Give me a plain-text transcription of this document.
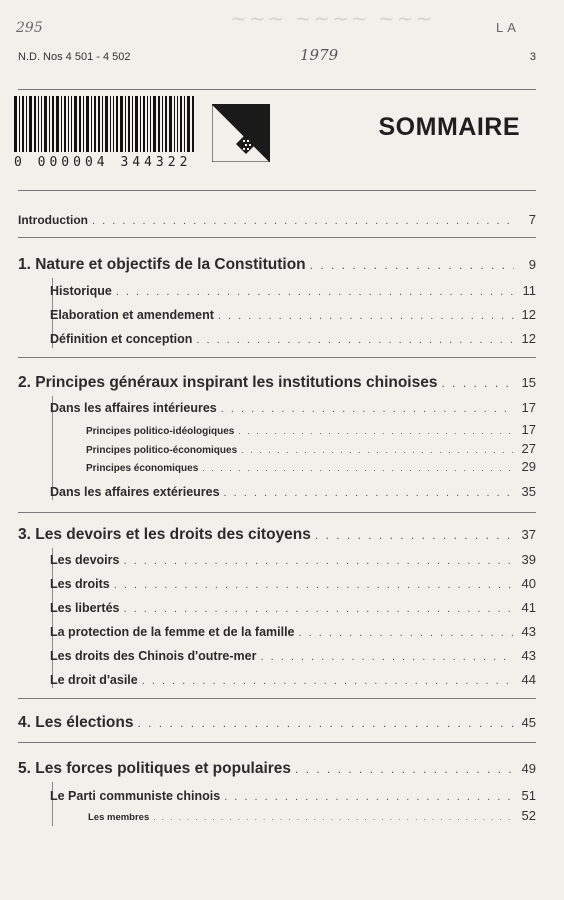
~~~ ~~~~ ~~~
295
1979
LA
N.D. Nos 4 501 - 4 502	3
0 000004 344322
SOMMAIRE
Introduction . . .	7
1. Nature et objectifs de la Constitution . . .	9
Historique . . .	11
Elaboration et amendement . . .	12
Définition et conception . . .	12
2. Principes généraux inspirant les institutions chinoises . . .	15
Dans les affaires intérieures . . .	17
Principes politico-idéologiques . . .	17
Principes politico-économiques . . .	27
Principes économiques . . .	29
Dans les affaires extérieures . . .	35
3. Les devoirs et les droits des citoyens . . .	37
Les devoirs . . .	39
Les droits . . .	40
Les libertés . . .	41
La protection de la femme et de la famille . . .	43
Les droits des Chinois d'outre-mer . . .	43
Le droit d'asile . . .	44
4. Les élections . . .	45
5. Les forces politiques et populaires . . .	49
Le Parti communiste chinois . . .	51
Les membres . . .	52
